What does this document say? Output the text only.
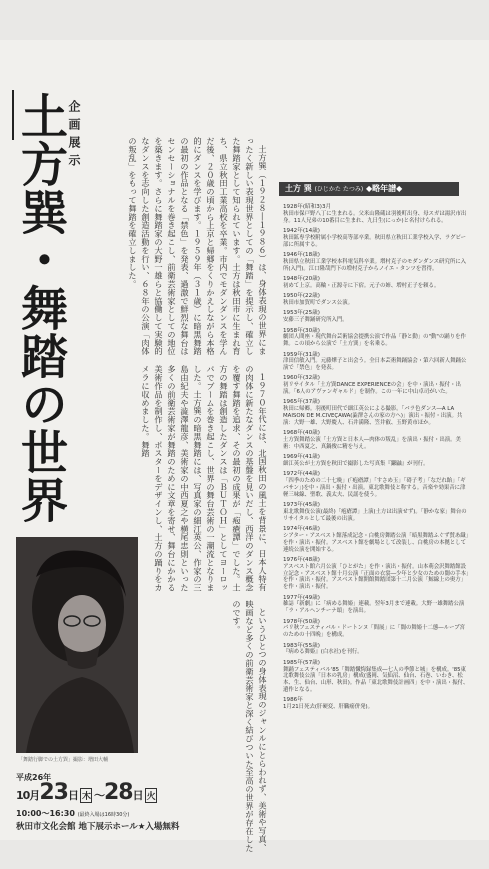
土方巽・舞踏の世界 企画展示

土方巽（１９２８―１９８６）は、身体表現の世界にまったく新しい表現世界としての「舞踏」を提示し、確立した舞踏家として知られています。土方は秋田市に生まれ育ち、県立秋田工業高校を卒業。市内でモダンダンスを学んだ後、２０歳の頃から上京と帰郷をくりかえしながら本格的にダンスを学びます。１９５９年（３１歳）に暗黒舞踏の最初の作品となる「禁色」を発表、過激で鮮烈な舞台はセンセーショナルを巻き起こし、前衛芸術家としての地位を築きます。さらに舞踏家の大野一雄らと協働して実験的なダンスを志向した創造活動を行い、６８年の公演「肉体の叛乱」をもって舞踏を確立しました。

１９７０年代には、北国秋田の風土を背景に、日本人特有の肉体に新たなダンスの基盤を見いだし、西洋のダンス概念を覆す舞踏を追求、その最初の成果が「疱瘡譚」でした。土方の舞踏は創造したダンスは「ＢＵＴＯＨ」としてヨーロッパでブームを巻き起こし、世界の舞台芸術の一潮流となりました。土方巽の暗黒舞踏には、写真家の細江英公、作家の三島由紀夫や澁澤龍彦、美術家の中西夏之や横尾忠則といった多くの前衛芸術家が舞踏のために文章を寄せ、舞台にかかる美術作品を制作し、ポスターをデザインし、土方の踊りをカメラに収めました。舞踏

というひとつの身体表現のジャンルにとらわれず、美術や写真、映画など多くの前衛芸術家と深く結びついた至高の世界が存在したのです。

「舞踏行脚での土方巽」撮影：増田大輔
平成26年
10月 23 日 木 〜 28 日 火
10:00〜16:30 (最終入場は16時30分)
秋田市文化会館 地下展示ホール★入場無料
土方 巽 (ひじかた たつみ) ◆略年譜◆
1928年(昭和3)3月
秋田市保戸野八丁に生まれる。父米山隆蔵は羽後町出身、母スガは湯沢市出身。11人兄弟の10番目に生まれ、九日生(にっか)と名付けられる。
1942年(14歳)
秋田鉱専学校附属小学校高等部卒業。秋田県立秋田工業学校入学、ラグビー部に所属する。
1946年(18歳)
秋田県立秋田工業学校本科電気科卒業。増村克子のモダンダンス研究所に入所(入門)。江口隆哉門下の増村克子からノイエ・タンツを習得。
1948年(20歳)
初めて上京。高輪・正源寺に下宿。元子の姉、増村正子を頼る。
1950年(22歳)
秋田市加賀町でダンス公演。
1953年(25歳)
安藤三子舞踊研究所入門。
1958年(30歳)
劇団人間座・現代舞台芸術協会提携公演で作品「静と動」の"動"の踊りを作舞。この頃から公演で「土方巽」を名乗る。
1959年(31歳)
津田信敏入門。元藤燁子と出会う。全日本芸術舞踊協会・第六回新人舞踊公演で「禁色」を発表。
1960年(32歳)
初リサイタル「土方巽DANCE EXPERIENCEの会」を中・演出・振付・出演。「6人のアヴァンギャルド」を制作。この一年に中山卓司がいた。
1965年(37歳)
秋田に帰郷。羽後町田代で細江英公による撮影。「バラ色ダンス―A LA MAISON DE M.CIVEÇAWA(澁澤さんの家の方へ)」演出・振付・出演。共演：大野一雄、大野慶人、石井満隆、笠井叡、玉野黄市ほか。
1968年(40歳)
土方巽舞踏公演「土方巽と日本人―肉体の叛乱」を演出・振付・出演。美術：中西夏之、真鍋俊に精を与え。
1969年(41歳)
細江英公が土方巽を秋田で撮影した写真集『鎌鼬』が刊行。
1972年(44歳)
「四季のための二十七晩」(「疱瘡譚」「すさめ玉」「碍子考」「なだれ飴」「ギバサン」)を中・演出・振付・出演。東北歌舞伎と称する。音楽や効果音に津軽三味線、聖歌、義太夫、民謡を使う。
1973年(45歳)
東北歌舞伎公演(最終)「疱瘡譚」上演(土方は出演せず)。「静かな家」舞台のリサイタルとして最後の出演。
1974年(46歳)
シアター・アスベスト館落成記念・白桃房舞踏公演「暗黒舞踏ふぐず賛あ織」を作・演出・振付。アスベスト館を劇場として改装し、白桃房の本拠として連続公演を開始する。
1976年(48歳)
アスベスト館六月公演「ひとがた」を作・演出・振付。山本萌会沢舞踏館設立記念・アスベスト館十月公演「正面の衣裳―少年と少女のための闇の手本」を作・演出・振付。アスベスト館開館舞踏団第十二月公演「鯨線上の奥方」を作・演出・振付。
1977年(49歳)
雑誌『新劇』に「病める舞姫」連載。翌年3月まで連載。大野一雄舞踏公演「ラ・アルヘンチーナ頌」を演出。
1978年(50歳)
パリ秋フェスティバル・ドートンヌ「間展」に「闇の舞姫十二態―ループ宮のための十四晩」を構成。
1983年(55歳)
『病める舞姫』(白水社)を刊行。
1985年(57歳)
舞踊フェスティバル'85「舞踏懺悔録集成―七人の季節と城」を構成。'85東北歌舞伎公演「日本の乳房」構成(盛岡、気仙沼、仙台、石巻、いわき、松本、生、仙台、山形、秋田)。作品「東北歌舞伎計画四」を中・演出・振付、遺作となる。
1986年
1月21日死去(肝硬変、肝臓癌併発)。
